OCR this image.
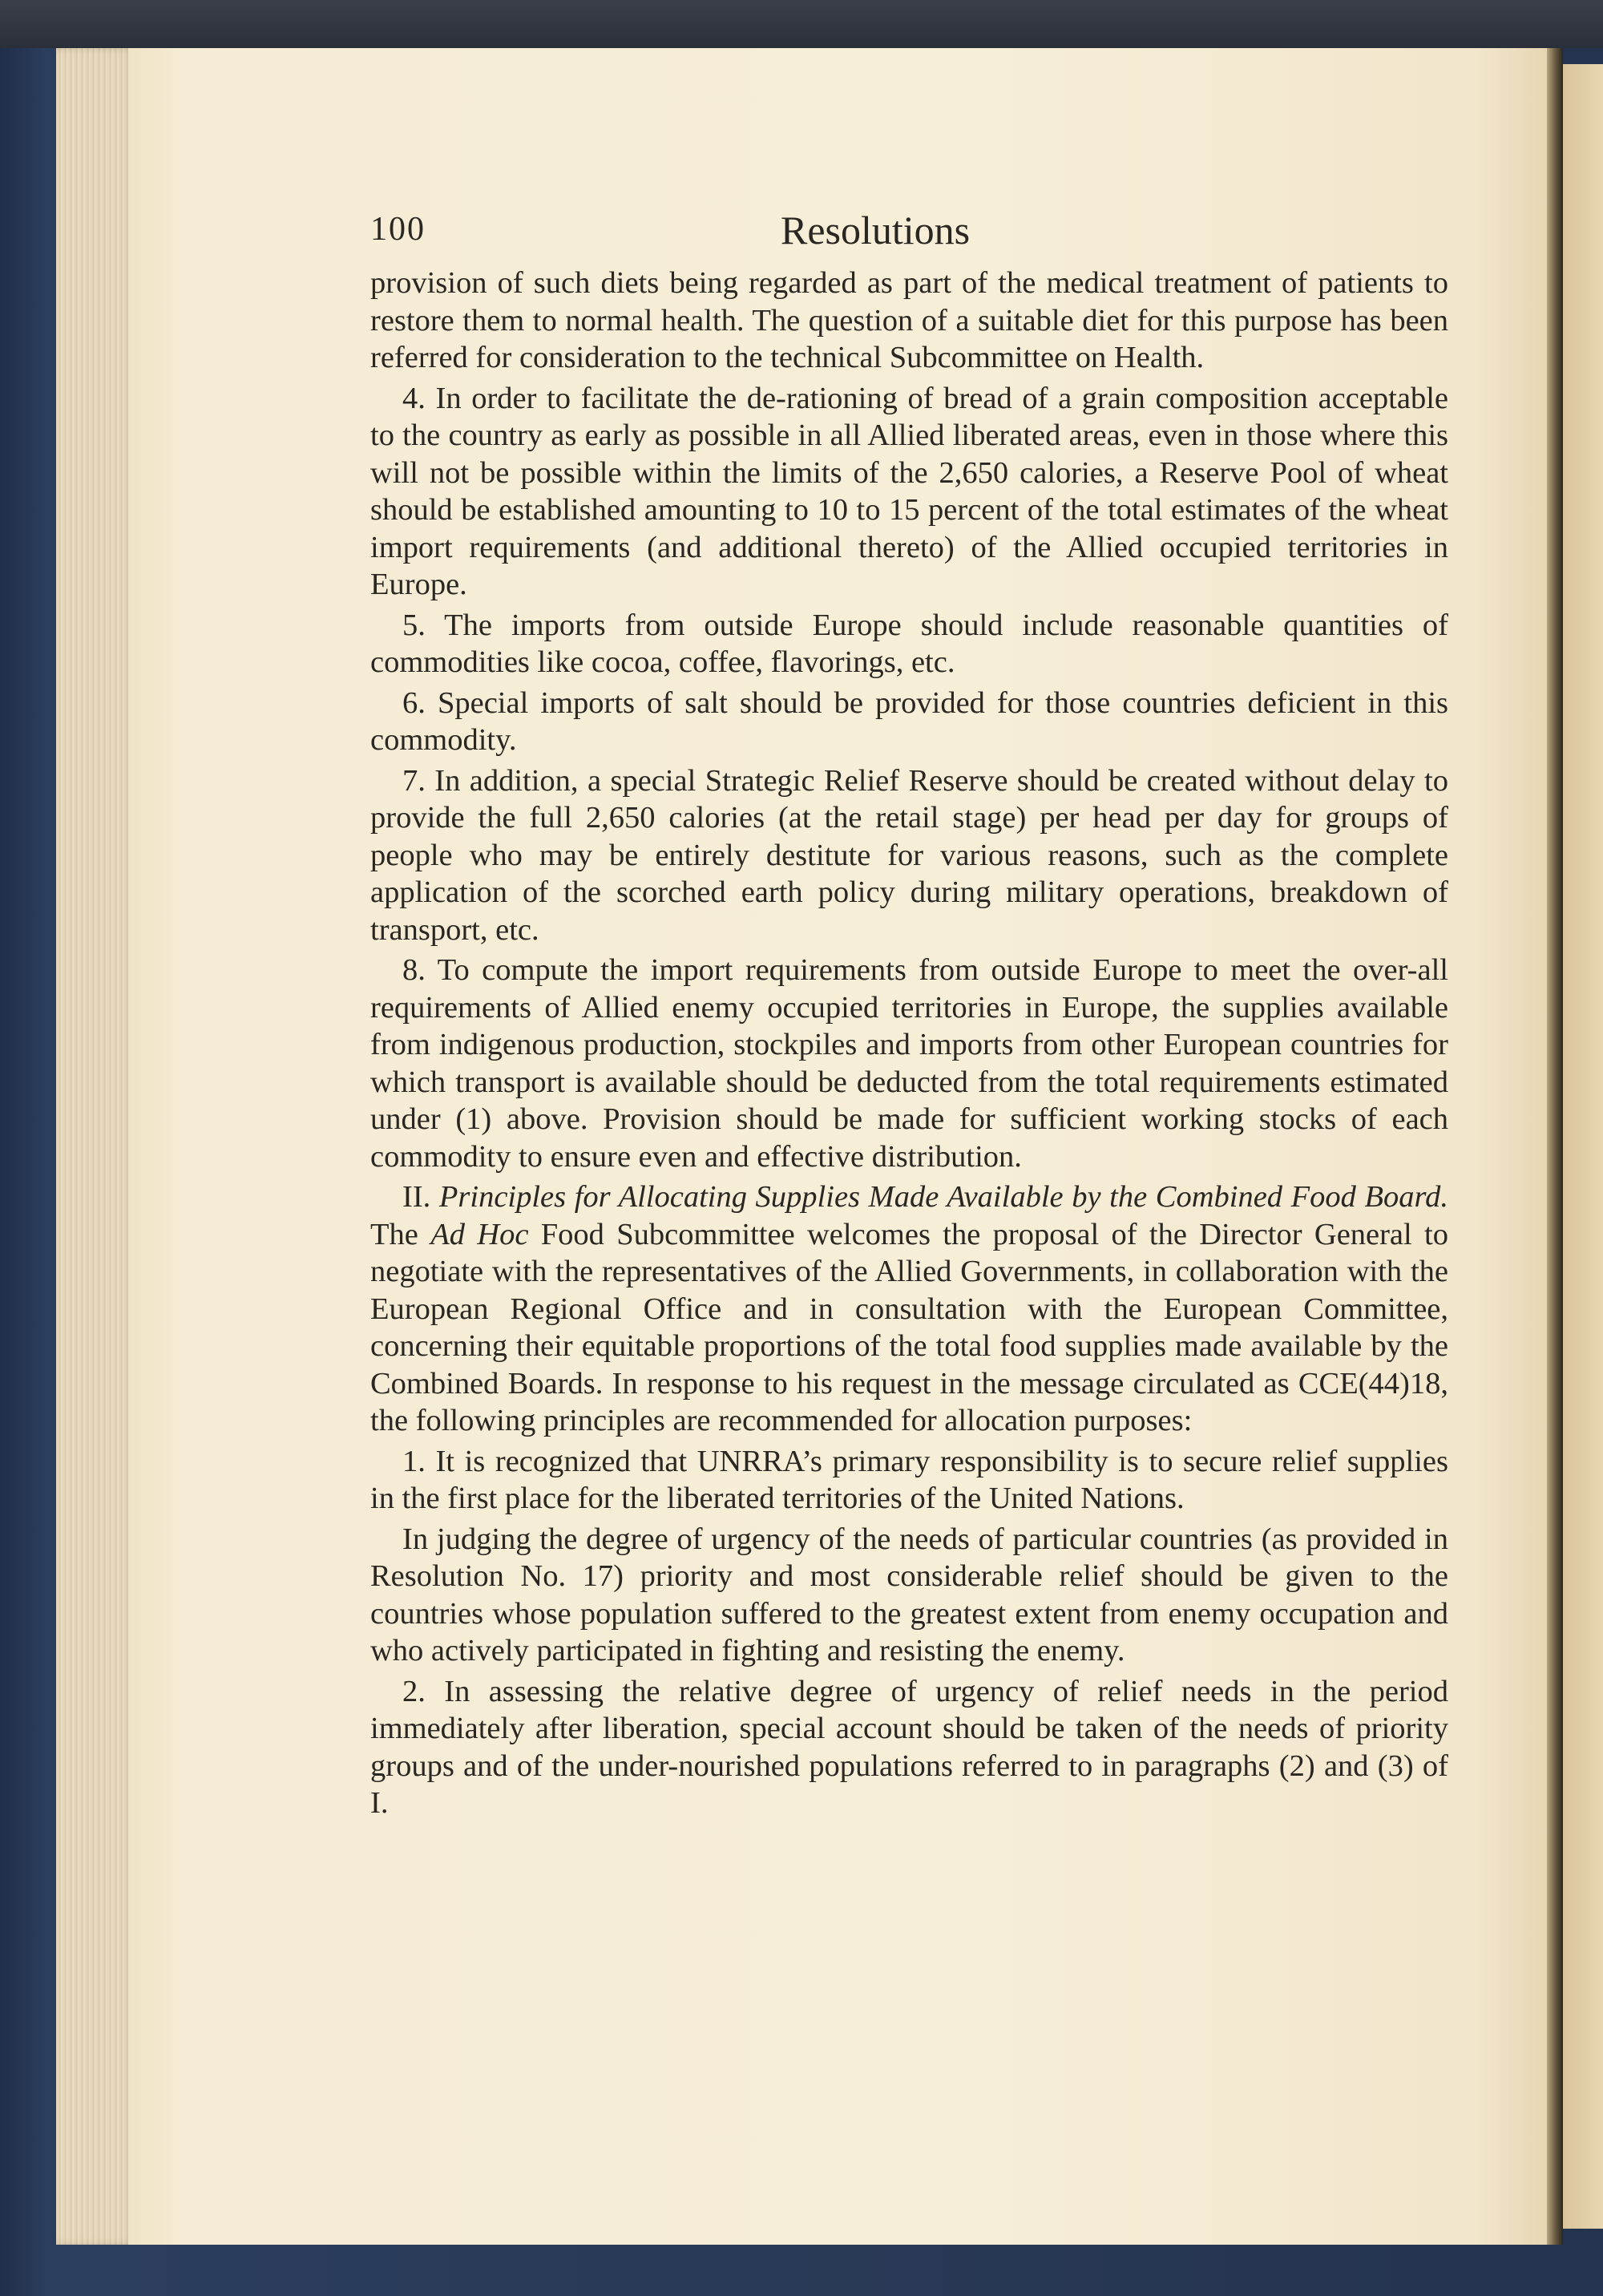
100	Resolutions

provision of such diets being regarded as part of the medical treatment of patients to restore them to normal health. The question of a suitable diet for this purpose has been referred for consideration to the technical Subcommittee on Health.

4. In order to facilitate the de-rationing of bread of a grain composition acceptable to the country as early as possible in all Allied liberated areas, even in those where this will not be possible within the limits of the 2,650 calories, a Reserve Pool of wheat should be established amounting to 10 to 15 percent of the total estimates of the wheat import requirements (and additional thereto) of the Allied occupied territories in Europe.

5. The imports from outside Europe should include reasonable quantities of commodities like cocoa, coffee, flavorings, etc.

6. Special imports of salt should be provided for those countries deficient in this commodity.

7. In addition, a special Strategic Relief Reserve should be created without delay to provide the full 2,650 calories (at the retail stage) per head per day for groups of people who may be entirely destitute for various reasons, such as the complete application of the scorched earth policy during military operations, breakdown of transport, etc.

8. To compute the import requirements from outside Europe to meet the over-all requirements of Allied enemy occupied territories in Europe, the supplies available from indigenous production, stockpiles and imports from other European countries for which transport is available should be deducted from the total requirements estimated under (1) above. Provision should be made for sufficient working stocks of each commodity to ensure even and effective distribution.

II. Principles for Allocating Supplies Made Available by the Combined Food Board. The Ad Hoc Food Subcommittee welcomes the proposal of the Director General to negotiate with the representatives of the Allied Governments, in collaboration with the European Regional Office and in consultation with the European Committee, concerning their equitable proportions of the total food supplies made available by the Combined Boards. In response to his request in the message circulated as CCE(44)18, the following principles are recommended for allocation purposes:

1. It is recognized that UNRRA’s primary responsibility is to secure relief supplies in the first place for the liberated territories of the United Nations.

In judging the degree of urgency of the needs of particular countries (as provided in Resolution No. 17) priority and most considerable relief should be given to the countries whose population suffered to the greatest extent from enemy occupation and who actively participated in fighting and resisting the enemy.

2. In assessing the relative degree of urgency of relief needs in the period immediately after liberation, special account should be taken of the needs of priority groups and of the under-nourished populations referred to in paragraphs (2) and (3) of I.
